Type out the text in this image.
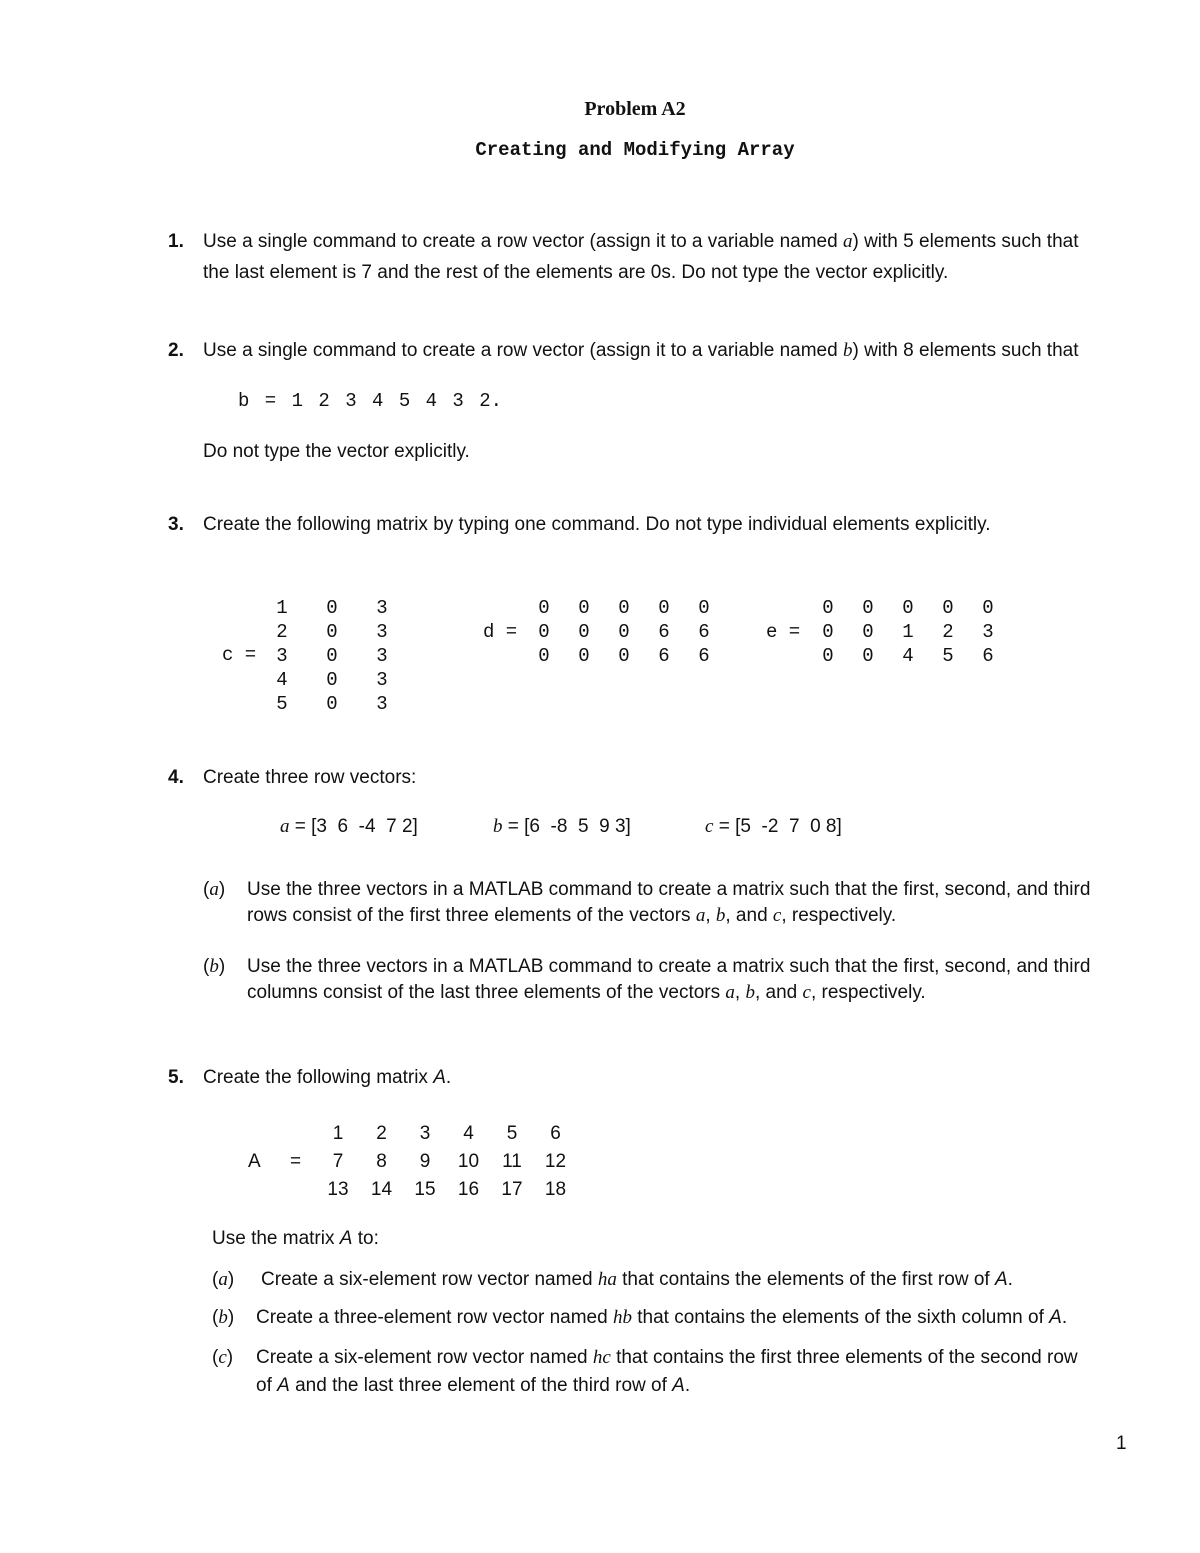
Problem A2
Creating and Modifying Array
1. Use a single command to create a row vector (assign it to a variable named a) with 5 elements such that
the last element is 7 and the rest of the elements are 0s. Do not type the vector explicitly.
2. Use a single command to create a row vector (assign it to a variable named b) with 8 elements such that
b = 1 2 3 4 5 4 3 2.
Do not type the vector explicitly.
3. Create the following matrix by typing one command. Do not type individual elements explicitly.
c =
d =	e =
1	0	3
2	0	3
3	0	3
4	0	3
5	0	3
0	0	0	0	0
0	0	0	6	6
0	0	0	6	6
0	0	0	0	0
0	0	1	2	3
0	0	4	5	6
4. Create three row vectors:
a = [3  6  -4  7 2]	b = [6  -8  5  9 3]	c = [5  -2  7  0 8]
(a) Use the three vectors in a MATLAB command to create a matrix such that the first, second, and third
rows consist of the first three elements of the vectors a, b, and c, respectively.
(b) Use the three vectors in a MATLAB command to create a matrix such that the first, second, and third
columns consist of the last three elements of the vectors a, b, and c, respectively.
5. Create the following matrix A.
A =
1	2	3	4	5	6
7	8	9	10	11	12
13	14	15	16	17	18
Use the matrix A to:
(a) Create a six-element row vector named ha that contains the elements of the first row of A.
(b) Create a three-element row vector named hb that contains the elements of the sixth column of A.
(c) Create a six-element row vector named hc that contains the first three elements of the second row
of A and the last three element of the third row of A.
1
